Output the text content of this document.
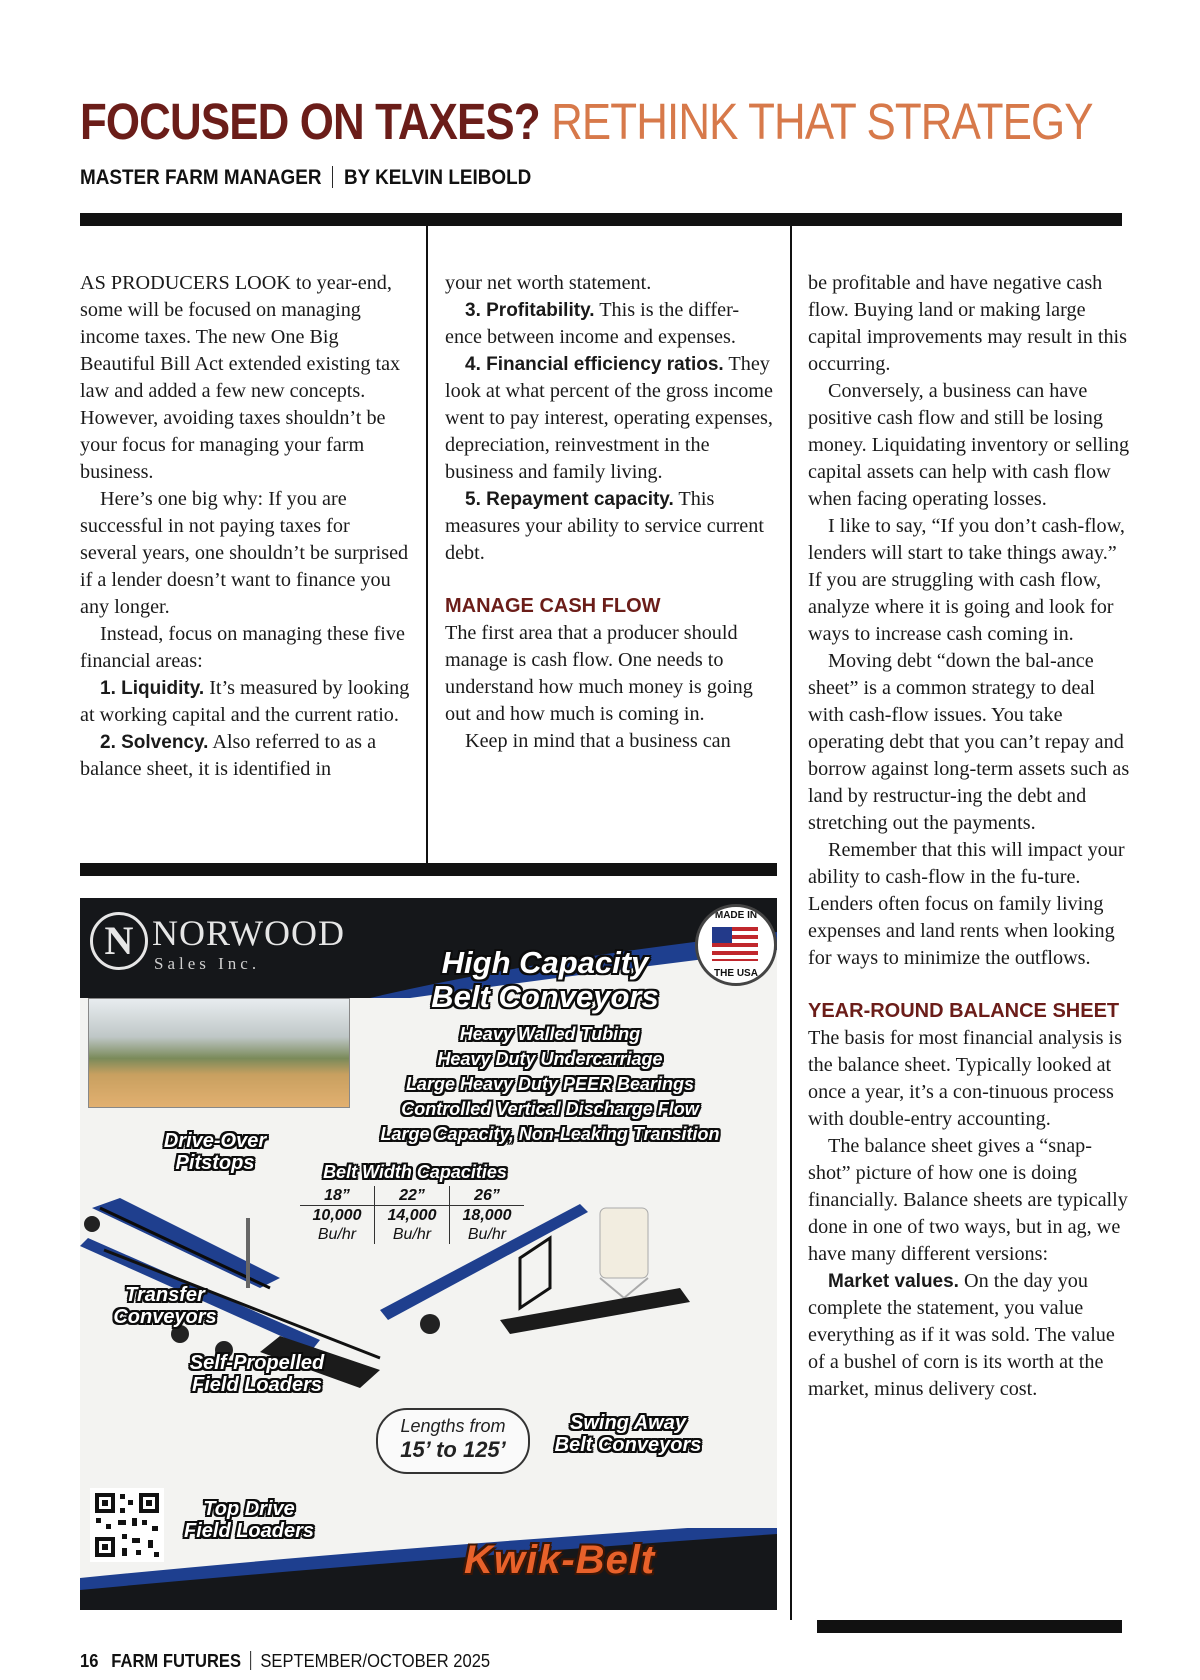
FOCUSED ON TAXES? RETHINK THAT STRATEGY
MASTER FARM MANAGER BY KELVIN LEIBOLD

AS PRODUCERS LOOK to year-end, some will be focused on managing income taxes. The new One Big Beautiful Bill Act extended existing tax law and added a few new concepts. However, avoiding taxes shouldn’t be your focus for managing your farm business.

Here’s one big why: If you are successful in not paying taxes for several years, one shouldn’t be surprised if a lender doesn’t want to finance you any longer.

Instead, focus on managing these five financial areas:

1. Liquidity. It’s measured by looking at working capital and the current ratio.

2. Solvency. Also referred to as a balance sheet, it is identified in

your net worth statement.

3. Profitability. This is the differ-ence between income and expenses.

4. Financial efficiency ratios. They look at what percent of the gross income went to pay interest, operating expenses, depreciation, reinvestment in the business and family living.

5. Repayment capacity. This measures your ability to service current debt.

MANAGE CASH FLOW

The first area that a producer should manage is cash flow. One needs to understand how much money is going out and how much is coming in.

Keep in mind that a business can

be profitable and have negative cash flow. Buying land or making large capital improvements may result in this occurring.

Conversely, a business can have positive cash flow and still be losing money. Liquidating inventory or selling capital assets can help with cash flow when facing operating losses.

I like to say, “If you don’t cash-flow, lenders will start to take things away.” If you are struggling with cash flow, analyze where it is going and look for ways to increase cash coming in.

Moving debt “down the bal-ance sheet” is a common strategy to deal with cash-flow issues. You take operating debt that you can’t repay and borrow against long-term assets such as land by restructur-ing the debt and stretching out the payments.

Remember that this will impact your ability to cash-flow in the fu-ture. Lenders often focus on family living expenses and land rents when looking for ways to minimize the outflows.

YEAR-ROUND BALANCE SHEET

The basis for most financial analysis is the balance sheet. Typically looked at once a year, it’s a con-tinuous process with double-entry accounting.

The balance sheet gives a “snap-shot” picture of how one is doing financially. Balance sheets are typically done in one of two ways, but in ag, we have many different versions:

Market values. On the day you complete the statement, you value everything as if it was sold. The value of a bushel of corn is its worth at the market, minus delivery cost.

N NORWOOD
Sales Inc.
MADE IN
THE USA

High Capacity

Belt Conveyors

Heavy Walled Tubing

Heavy Duty Undercarriage

Large Heavy Duty PEER Bearings

Controlled Vertical Discharge Flow

Large Capacity, Non-Leaking Transition

Drive-Over

Pitstops	Belt Width Capacities

18”	22”	26”
10,000	14,000	18,000
Bu/hr	Bu/hr	Bu/hr

Transfer

Conveyors

Self-Propelled

Field Loaders

Lengths from
15’ to 125’

Swing Away

Belt Conveyors

Top Drive

Field Loaders

Kwik-Belt
16 FARM FUTURES SEPTEMBER/OCTOBER 2025
